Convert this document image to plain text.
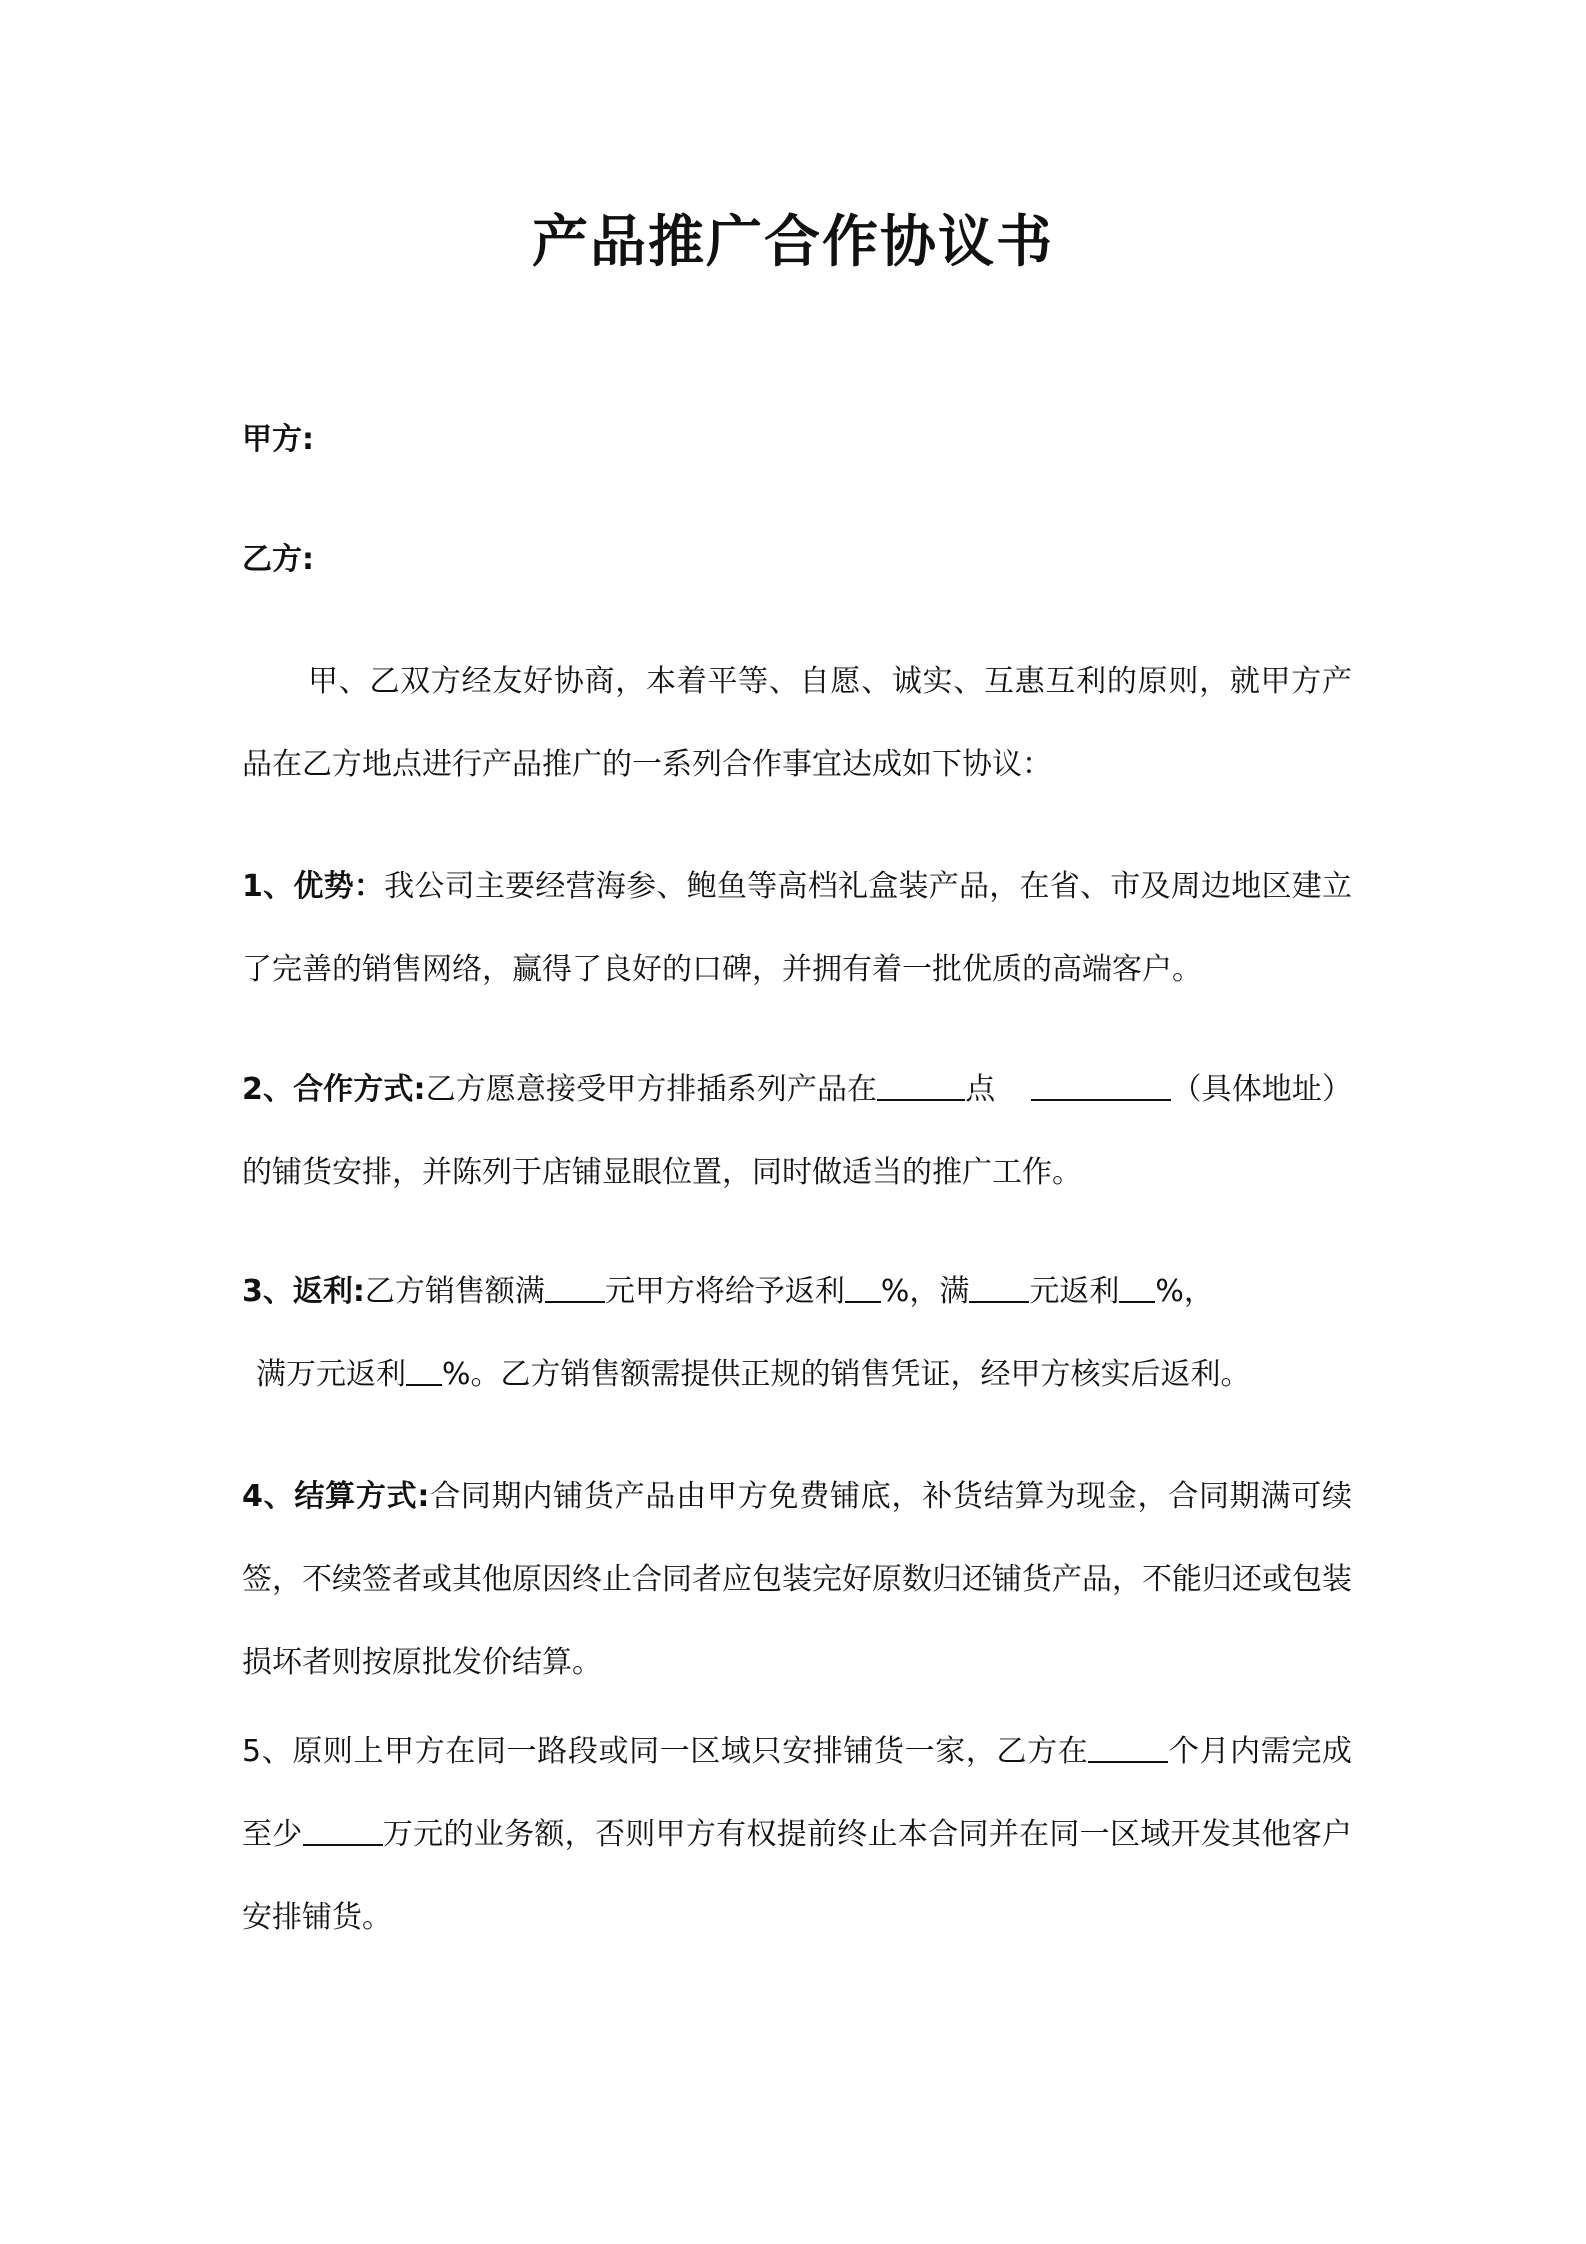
产品推广合作协议书
甲方:
乙方:
甲、乙双方经友好协商，本着平等、自愿、诚实、互惠互利的原则，就甲方产品在乙方地点进行产品推广的一系列合作事宜达成如下协议：
1、优势：我公司主要经营海参、鲍鱼等高档礼盒装产品，在省、市及周边地区建立了完善的销售网络，赢得了良好的口碑，并拥有着一批优质的高端客户。
2、合作方式:乙方愿意接受甲方排插系列产品在	点	（具体地址）的铺货安排，并陈列于店铺显眼位置，同时做适当的推广工作。
3、返利:乙方销售额满 元甲方将给予返利 %，满 元返利 %，
满万元返利 %。乙方销售额需提供正规的销售凭证，经甲方核实后返利。
4、结算方式:合同期内铺货产品由甲方免费铺底，补货结算为现金，合同期满可续签，不续签者或其他原因终止合同者应包装完好原数归还铺货产品，不能归还或包装损坏者则按原批发价结算。
5、原则上甲方在同一路段或同一区域只安排铺货一家，乙方在	个月内需完成至少	万元的业务额，否则甲方有权提前终止本合同并在同一区域开发其他客户安排铺货。
